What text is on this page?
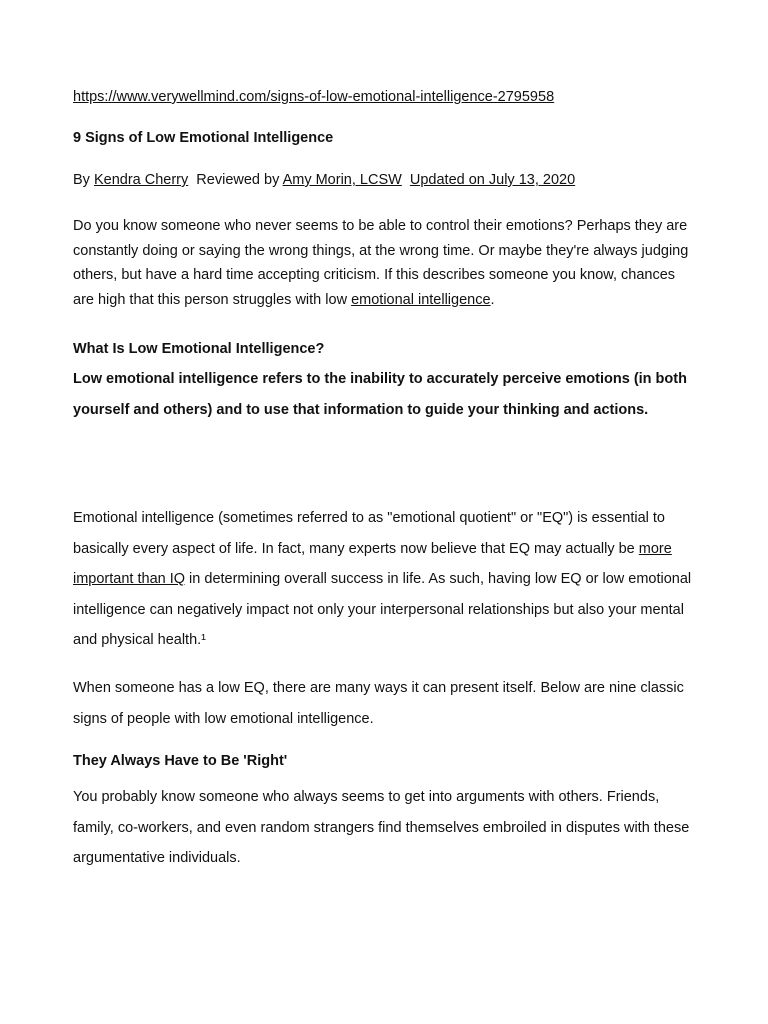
https://www.verywellmind.com/signs-of-low-emotional-intelligence-2795958
9 Signs of Low Emotional Intelligence
By Kendra Cherry  Reviewed by Amy Morin, LCSW Updated on July 13, 2020

Do you know someone who never seems to be able to control their emotions? Perhaps they are constantly doing or saying the wrong things, at the wrong time. Or maybe they're always judging others, but have a hard time accepting criticism. If this describes someone you know, chances are high that this person struggles with low emotional intelligence.

What Is Low Emotional Intelligence?

Low emotional intelligence refers to the inability to accurately perceive emotions (in both yourself and others) and to use that information to guide your thinking and actions.

Emotional intelligence (sometimes referred to as "emotional quotient" or "EQ") is essential to basically every aspect of life. In fact, many experts now believe that EQ may actually be more important than IQ in determining overall success in life. As such, having low EQ or low emotional intelligence can negatively impact not only your interpersonal relationships but also your mental and physical health.¹

When someone has a low EQ, there are many ways it can present itself. Below are nine classic signs of people with low emotional intelligence.

They Always Have to Be 'Right'

You probably know someone who always seems to get into arguments with others. Friends, family, co-workers, and even random strangers find themselves embroiled in disputes with these argumentative individuals.
